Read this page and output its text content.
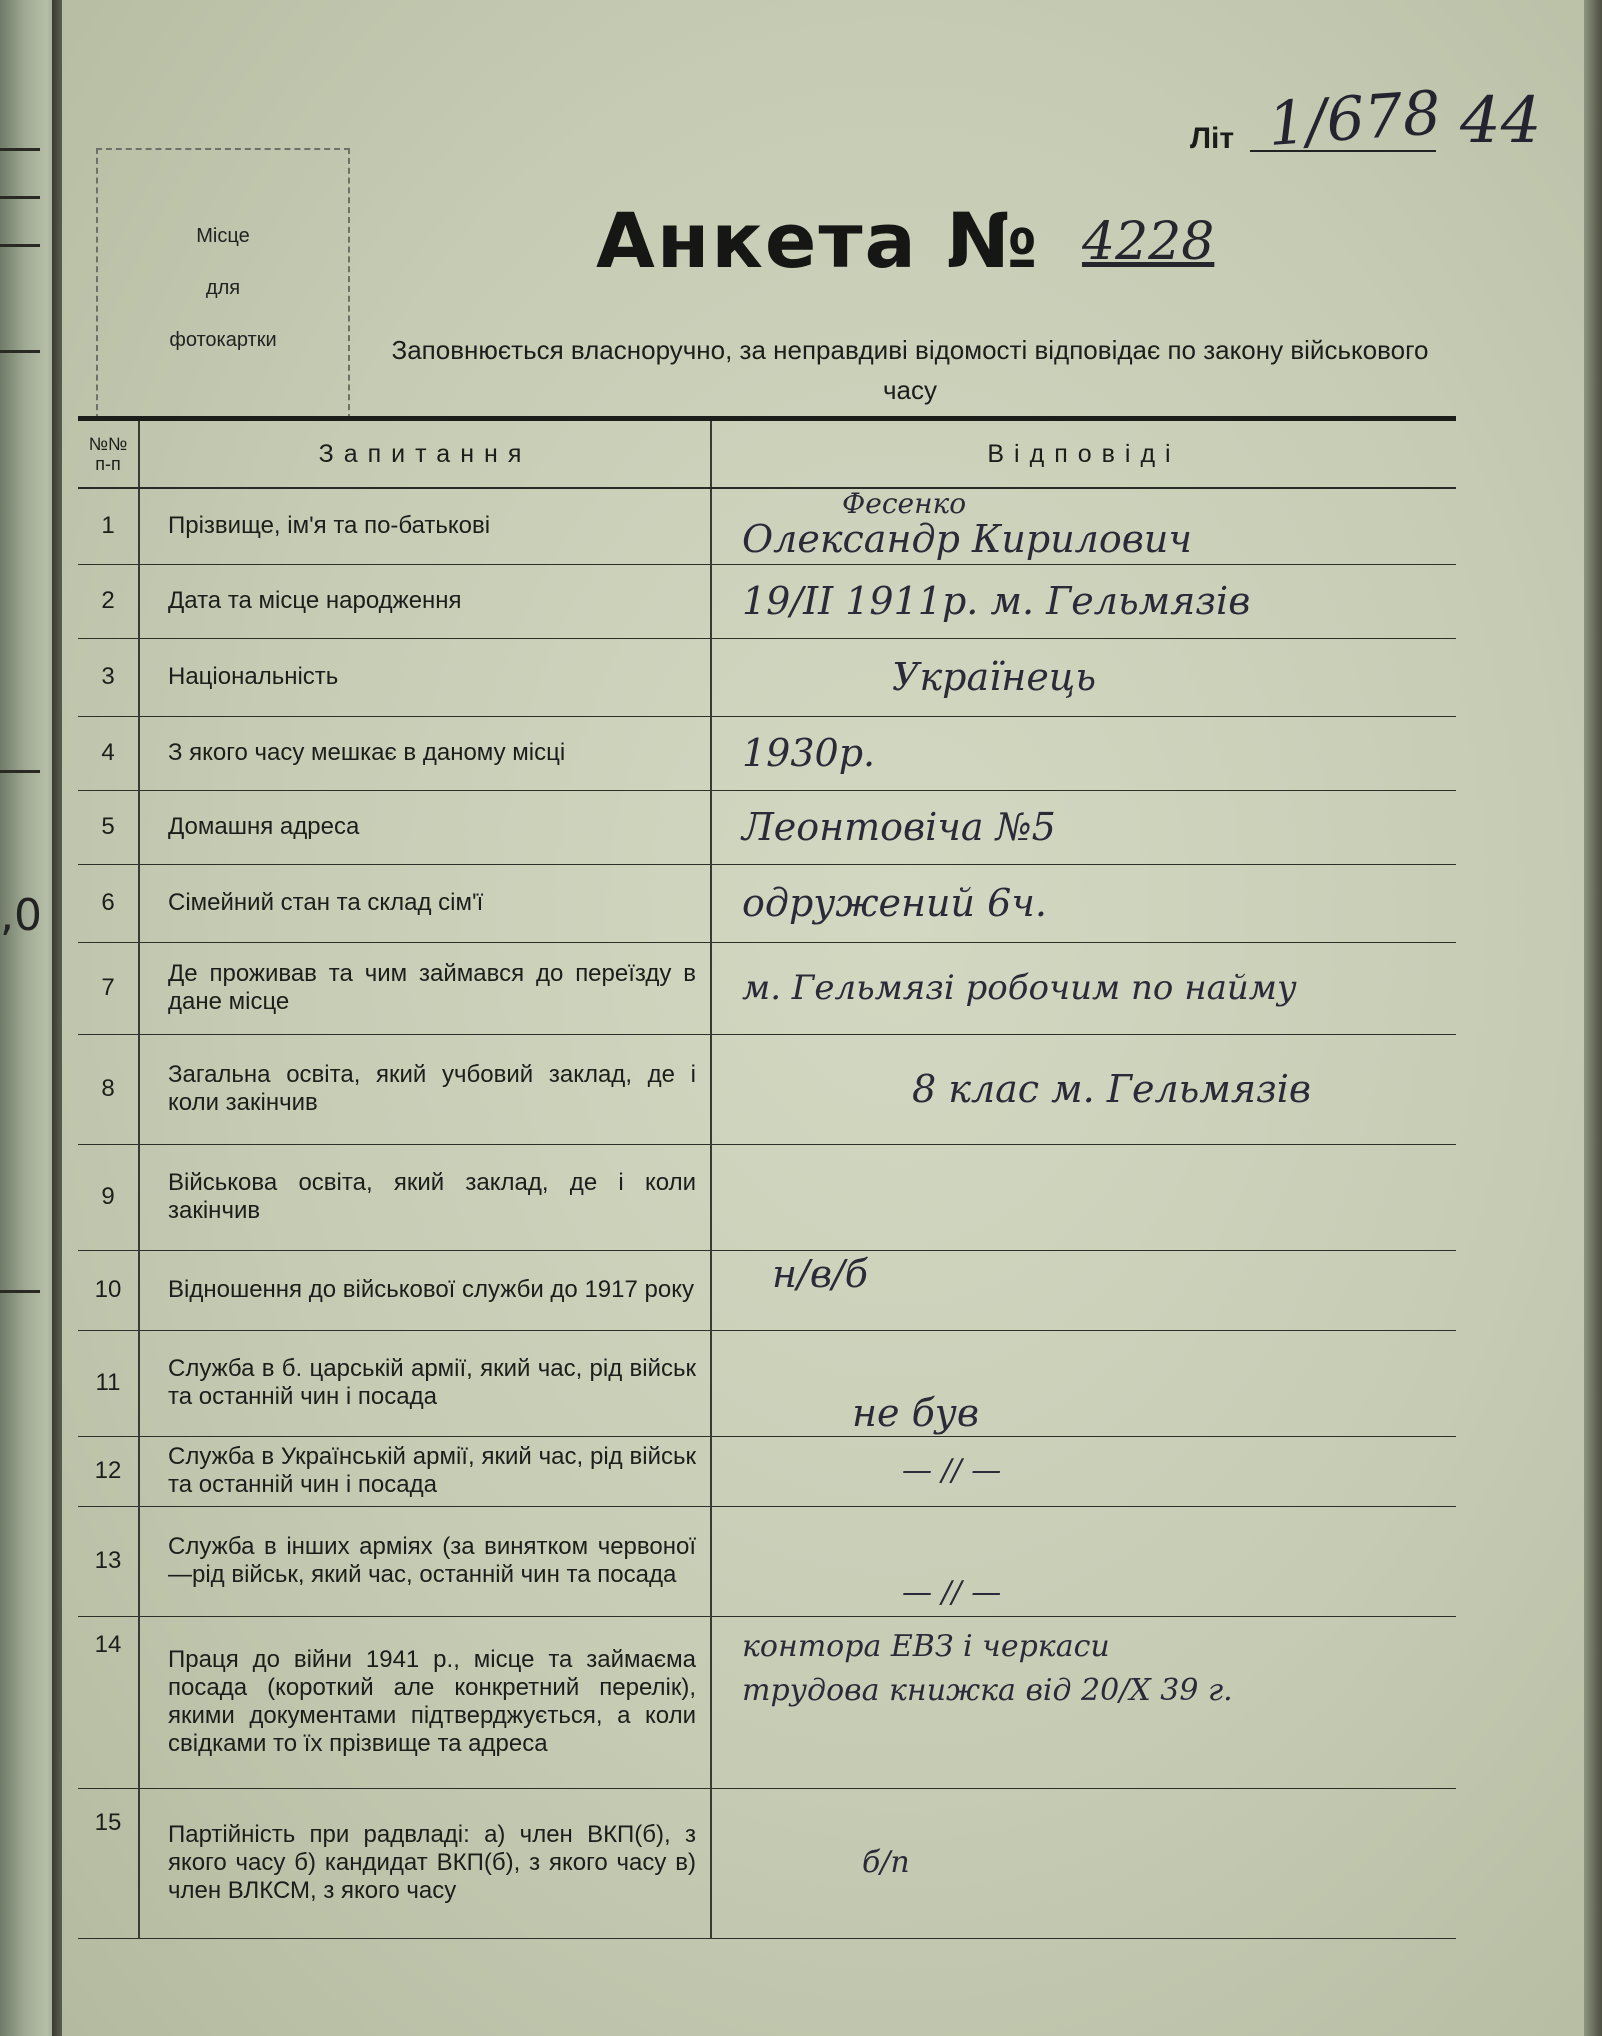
,0
Літ 1/678 44
Місце
для
фотокартки
Анкета № 4228
Заповнюється власноручно, за неправдиві відомості відповідає по закону військового часу
№№ п-п	Запитання	Відповіді
1	Прізвище, ім'я та по-батькові	Фесенко
Олександр Кирилович
2	Дата та місце народження	19/II 1911р. м. Гельмязів
3	Національність	Українець
4	З якого часу мешкає в даному місці	1930р.
5	Домашня адреса	Леонтовіча №5
6	Сімейний стан та склад сім'ї	одружений 6ч.
7	Де проживав та чим займався до переїзду в дане місце	м. Гельмязі робочим по найму
8	Загальна освіта, який учбовий заклад, де і коли закінчив	8 клас м. Гельмязів
9	Військова освіта, який заклад, де і коли закінчив	
10	Відношення до військової служби до 1917 року	н/в/б
11	Служба в б. царській армії, який час, рід військ та останній чин і посада	не був
12	Служба в Українській армії, який час, рід військ та останній чин і посада	— // —
13	Служба в інших арміях (за винятком червоної—рід військ, який час, останній чин та посада	— // —
14	Праця до війни 1941 р., місце та займаєма посада (короткий але конкретний перелік), якими документами підтверджується, а коли свідками то їх прізвище та адреса	контора ЕВЗ і черкаси
трудова книжка від 20/X 39 г.

15	Партійність при радвладі: а) член ВКП(б), з якого часу б) кандидат ВКП(б), з якого часу в) член ВЛКСМ, з якого часу	б/п
